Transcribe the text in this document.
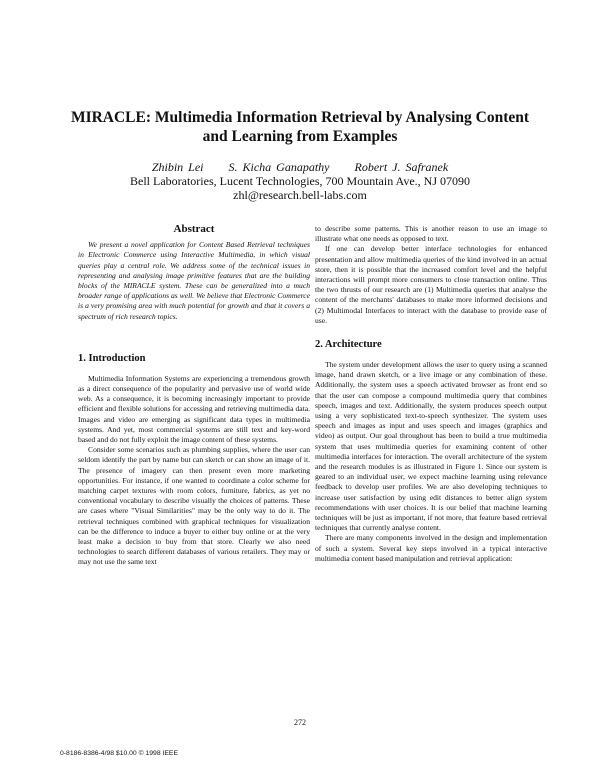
MIRACLE: Multimedia Information Retrieval by Analysing Content and Learning from Examples
Zhibin Lei S. Kicha Ganapathy Robert J. Safranek
Bell Laboratories, Lucent Technologies, 700 Mountain Ave., NJ 07090
zhl@research.bell-labs.com
Abstract

We present a novel application for Content Based Retrieval techniques in Electronic Commerce using Interactive Multimedia, in which visual queries play a central role. We address some of the technical issues in representing and analysing image primitive features that are the building blocks of the MIRACLE system. These can be generalized into a much broader range of applications as well. We believe that Electronic Commerce is a very promising area with much potential for growth and that it covers a spectrum of rich research topics.

1. Introduction

Multimedia Information Systems are experiencing a tremendous growth as a direct consequence of the popularity and pervasive use of world wide web. As a consequence, it is becoming increasingly important to provide efficient and flexible solutions for accessing and retrieving multimedia data. Images and video are emerging as significant data types in multimedia systems. And yet, most commercial systems are still text and key-word based and do not fully exploit the image content of these systems.

Consider some scenarios such as plumbing supplies, where the user can seldom identify the part by name but can sketch or can show an image of it. The presence of imagery can then present even more marketing opportunities. For instance, if one wanted to coordinate a color scheme for matching carpet textures with room colors, furniture, fabrics, as yet no conventional vocabulary to describe visually the choices of patterns. These are cases where "Visual Similarities" may be the only way to do it. The retrieval techniques combined with graphical techniques for visualization can be the difference to induce a buyer to either buy online or at the very least make a decision to buy from that store. Clearly we also need technologies to search different databases of various retailers. They may or may not use the same text

to describe some patterns. This is another reason to use an image to illustrate what one needs as opposed to text.

If one can develop better interface technologies for enhanced presentation and allow multimedia queries of the kind involved in an actual store, then it is possible that the increased comfort level and the helpful interactions will prompt more consumers to close transaction online. Thus the two thrusts of our research are (1) Multimedia queries that analyse the content of the merchants' databases to make more informed decisions and (2) Multimodal Interfaces to interact with the database to provide ease of use.

2. Architecture

The system under development allows the user to query using a scanned image, hand drawn sketch, or a live image or any combination of these. Additionally, the system uses a speech activated browser as front end so that the user can compose a compound multimedia query that combines speech, images and text. Additionally, the system produces speech output using a very sophisticated text-to-speech synthesizer. The system uses speech and images as input and uses speech and images (graphics and video) as output. Our goal throughout has been to build a true multimedia system that uses multimedia queries for examining content of other multimedia interfaces for interaction. The overall architecture of the system and the research modules is as illustrated in Figure 1. Since our system is geared to an individual user, we expect machine learning using relevance feedback to develop user profiles. We are also developing techniques to increase user satisfaction by using edit distances to better align system recommendations with user choices. It is our belief that machine learning techniques will be just as important, if not more, that feature based retrieval techniques that currently analyse content.

There are many components involved in the design and implementation of such a system. Several key steps involved in a typical interactive multimedia content based manipulation and retrieval application:

272
0-8186-8386-4/98 $10.00 © 1998 IEEE
